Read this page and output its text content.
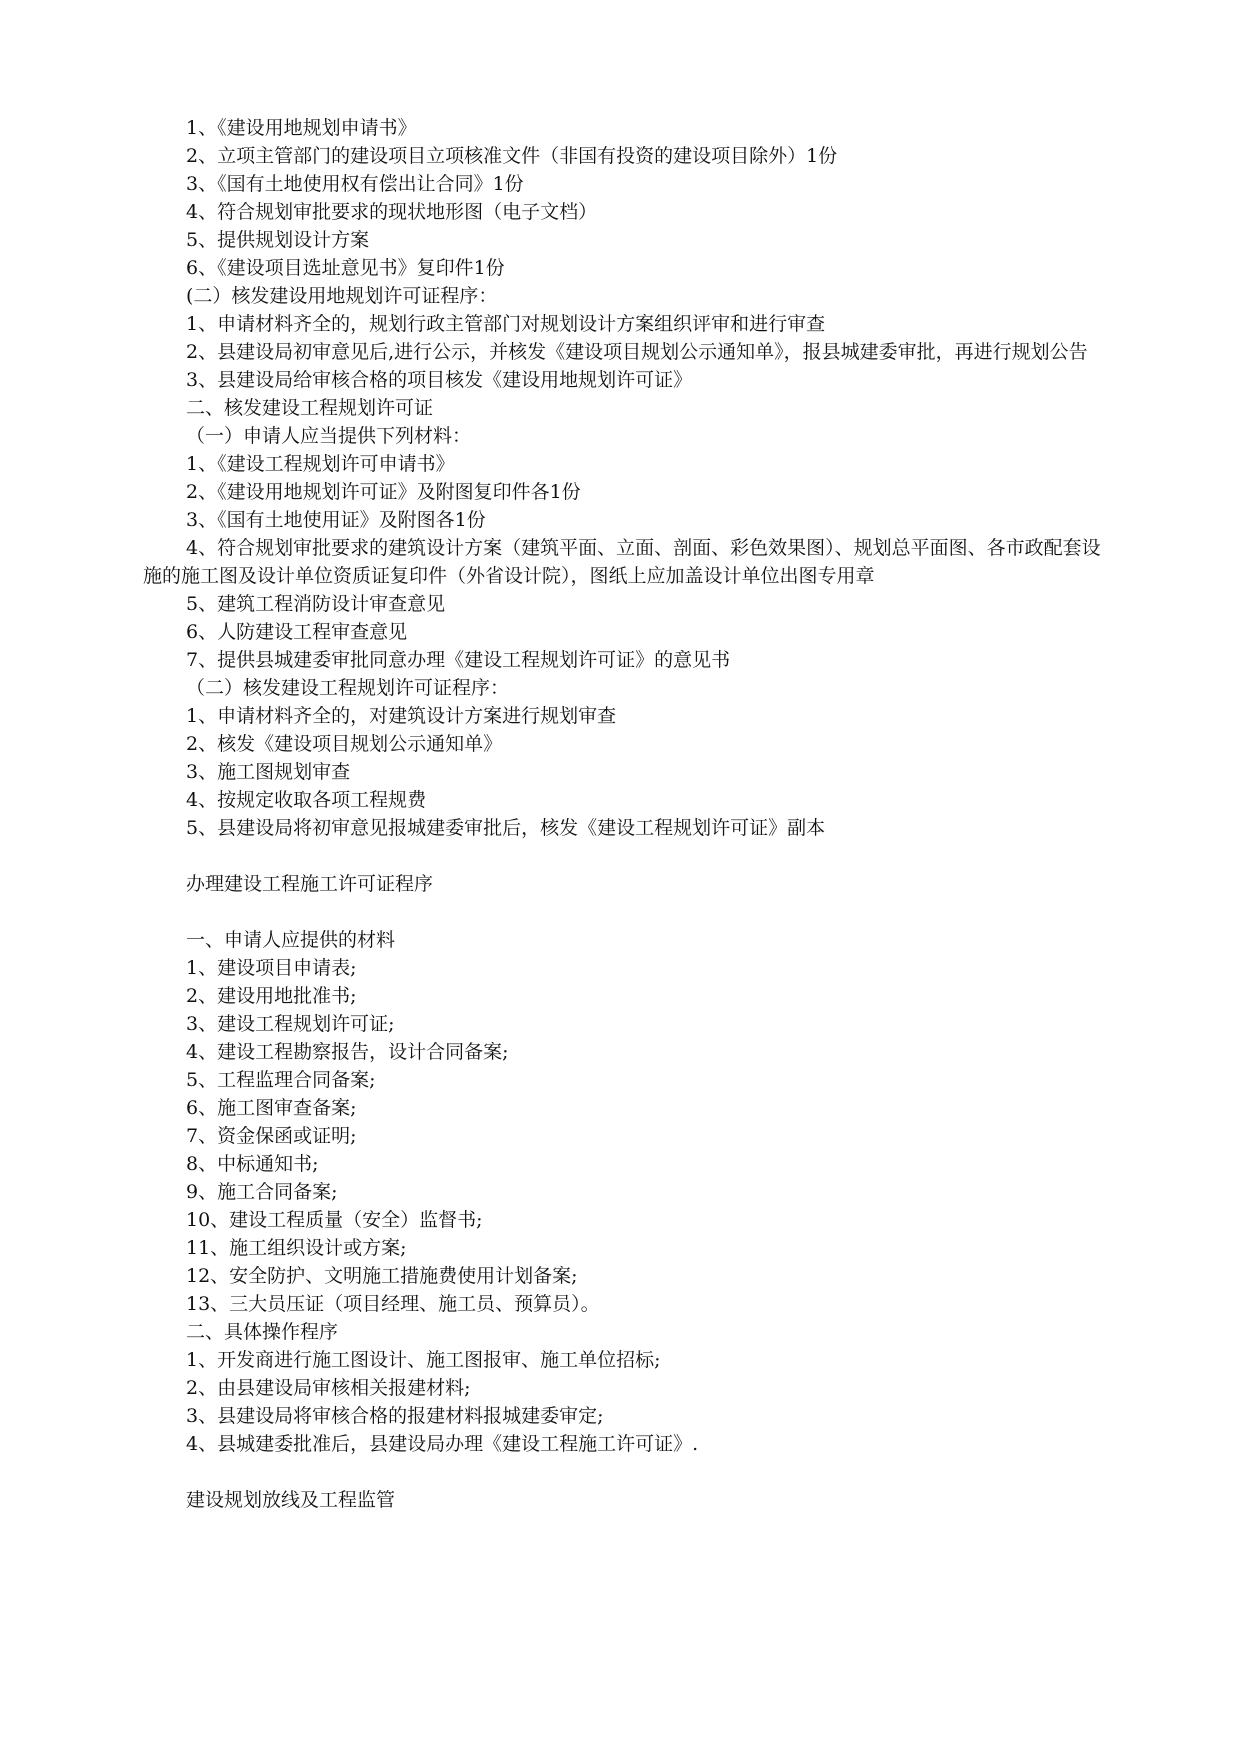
1、《建设用地规划申请书》

2、立项主管部门的建设项目立项核准文件（非国有投资的建设项目除外）1份

3、《国有土地使用权有偿出让合同》1份

4、符合规划审批要求的现状地形图（电子文档）

5、提供规划设计方案

6、《建设项目选址意见书》复印件1份

(二）核发建设用地规划许可证程序：

1、申请材料齐全的，规划行政主管部门对规划设计方案组织评审和进行审查

2、县建设局初审意见后,进行公示，并核发《建设项目规划公示通知单》，报县城建委审批，再进行规划公告

3、县建设局给审核合格的项目核发《建设用地规划许可证》

二、核发建设工程规划许可证

（一）申请人应当提供下列材料：

1、《建设工程规划许可申请书》

2、《建设用地规划许可证》及附图复印件各1份

3、《国有土地使用证》及附图各1份

4、符合规划审批要求的建筑设计方案（建筑平面、立面、剖面、彩色效果图）、规划总平面图、各市政配套设施的施工图及设计单位资质证复印件（外省设计院），图纸上应加盖设计单位出图专用章

5、建筑工程消防设计审查意见

6、人防建设工程审查意见

7、提供县城建委审批同意办理《建设工程规划许可证》的意见书

（二）核发建设工程规划许可证程序：

1、申请材料齐全的，对建筑设计方案进行规划审查

2、核发《建设项目规划公示通知单》

3、施工图规划审查

4、按规定收取各项工程规费

5、县建设局将初审意见报城建委审批后，核发《建设工程规划许可证》副本

办理建设工程施工许可证程序

一、申请人应提供的材料

1、建设项目申请表;

2、建设用地批准书;

3、建设工程规划许可证;

4、建设工程勘察报告，设计合同备案;

5、工程监理合同备案;

6、施工图审查备案;

7、资金保函或证明;

8、中标通知书;

9、施工合同备案;

10、建设工程质量（安全）监督书;

11、施工组织设计或方案;

12、安全防护、文明施工措施费使用计划备案;

13、三大员压证（项目经理、施工员、预算员）。

二、具体操作程序

1、开发商进行施工图设计、施工图报审、施工单位招标;

2、由县建设局审核相关报建材料;

3、县建设局将审核合格的报建材料报城建委审定;

4、县城建委批准后，县建设局办理《建设工程施工许可证》.

建设规划放线及工程监管
